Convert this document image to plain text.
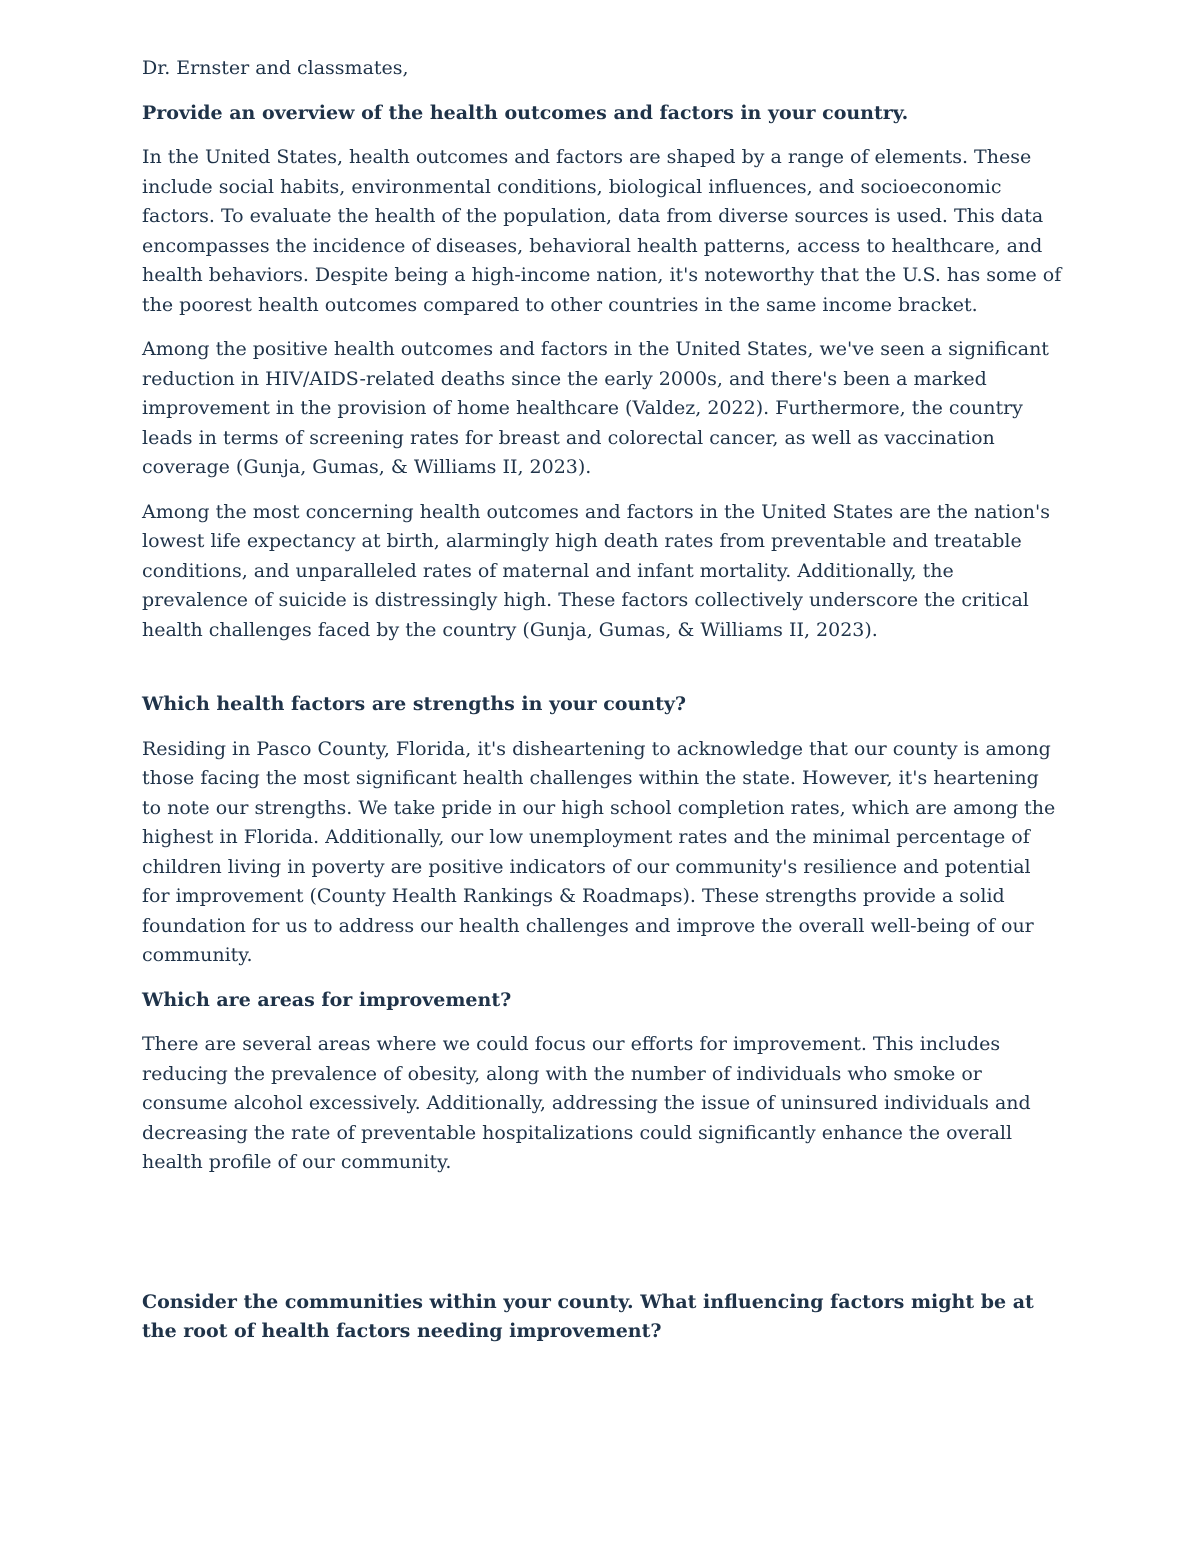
Dr. Ernster and classmates,

Provide an overview of the health outcomes and factors in your country.

In the United States, health outcomes and factors are shaped by a range of elements. These include social habits, environmental conditions, biological influences, and socioeconomic factors. To evaluate the health of the population, data from diverse sources is used. This data encompasses the incidence of diseases, behavioral health patterns, access to healthcare, and health behaviors. Despite being a high-income nation, it's noteworthy that the U.S. has some of the poorest health outcomes compared to other countries in the same income bracket.

Among the positive health outcomes and factors in the United States, we've seen a significant reduction in HIV/AIDS-related deaths since the early 2000s, and there's been a marked improvement in the provision of home healthcare (Valdez, 2022). Furthermore, the country leads in terms of screening rates for breast and colorectal cancer, as well as vaccination coverage (Gunja, Gumas, & Williams II, 2023).

Among the most concerning health outcomes and factors in the United States are the nation's lowest life expectancy at birth, alarmingly high death rates from preventable and treatable conditions, and unparalleled rates of maternal and infant mortality. Additionally, the prevalence of suicide is distressingly high. These factors collectively underscore the critical health challenges faced by the country (Gunja, Gumas, & Williams II, 2023).

Which health factors are strengths in your county?

Residing in Pasco County, Florida, it's disheartening to acknowledge that our county is among those facing the most significant health challenges within the state. However, it's heartening to note our strengths. We take pride in our high school completion rates, which are among the highest in Florida. Additionally, our low unemployment rates and the minimal percentage of children living in poverty are positive indicators of our community's resilience and potential for improvement (County Health Rankings & Roadmaps). These strengths provide a solid foundation for us to address our health challenges and improve the overall well-being of our community.

Which are areas for improvement?

There are several areas where we could focus our efforts for improvement. This includes reducing the prevalence of obesity, along with the number of individuals who smoke or consume alcohol excessively. Additionally, addressing the issue of uninsured individuals and decreasing the rate of preventable hospitalizations could significantly enhance the overall health profile of our community.

Consider the communities within your county. What influencing factors might be at the root of health factors needing improvement?
